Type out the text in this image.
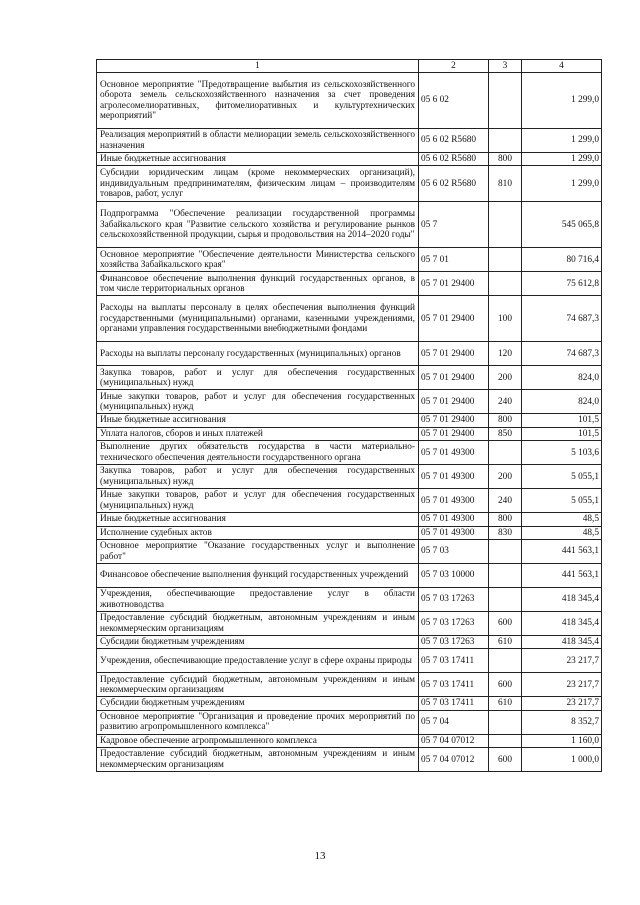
1	2	3	4
Основное мероприятие "Предотвращение выбытия из сельскохозяйственного оборота земель сельскохозяйственного назначения за счет проведения агролесомелиоративных, фитомелиоративных и культуртехнических мероприятий"	05 6 02		1 299,0
Реализация мероприятий в области мелиорации земель сельскохозяйственного назначения	05 6 02 R5680		1 299,0
Иные бюджетные ассигнования	05 6 02 R5680	800	1 299,0
Субсидии юридическим лицам (кроме некоммерческих организаций), индивидуальным предпринимателям, физическим лицам – производителям товаров, работ, услуг	05 6 02 R5680	810	1 299,0
Подпрограмма "Обеспечение реализации государственной программы Забайкальского края "Развитие сельского хозяйства и регулирование рынков сельскохозяйственной продукции, сырья и продовольствия на 2014–2020 годы"	05 7		545 065,8
Основное мероприятие "Обеспечение деятельности Министерства сельского хозяйства Забайкальского края"	05 7 01		80 716,4
Финансовое обеспечение выполнения функций государственных органов, в том числе территориальных органов	05 7 01 29400		75 612,8
Расходы на выплаты персоналу в целях обеспечения выполнения функций государственными (муниципальными) органами, казенными учреждениями, органами управления государственными внебюджетными фондами	05 7 01 29400	100	74 687,3
Расходы на выплаты персоналу государственных (муниципальных) органов	05 7 01 29400	120	74 687,3
Закупка товаров, работ и услуг для обеспечения государственных (муниципальных) нужд	05 7 01 29400	200	824,0
Иные закупки товаров, работ и услуг для обеспечения государственных (муниципальных) нужд	05 7 01 29400	240	824,0
Иные бюджетные ассигнования	05 7 01 29400	800	101,5
Уплата налогов, сборов и иных платежей	05 7 01 29400	850	101,5
Выполнение других обязательств государства в части материально-технического обеспечения деятельности государственного органа	05 7 01 49300		5 103,6
Закупка товаров, работ и услуг для обеспечения государственных (муниципальных) нужд	05 7 01 49300	200	5 055,1
Иные закупки товаров, работ и услуг для обеспечения государственных (муниципальных) нужд	05 7 01 49300	240	5 055,1
Иные бюджетные ассигнования	05 7 01 49300	800	48,5
Исполнение судебных актов	05 7 01 49300	830	48,5
Основное мероприятие "Оказание государственных услуг и выполнение работ"	05 7 03		441 563,1
Финансовое обеспечение выполнения функций государственных учреждений	05 7 03 10000		441 563,1
Учреждения, обеспечивающие предоставление услуг в области животноводства	05 7 03 17263		418 345,4
Предоставление субсидий бюджетным, автономным учреждениям и иным некоммерческим организациям	05 7 03 17263	600	418 345,4
Субсидии бюджетным учреждениям	05 7 03 17263	610	418 345,4
Учреждения, обеспечивающие предоставление услуг в сфере охраны природы	05 7 03 17411		23 217,7
Предоставление субсидий бюджетным, автономным учреждениям и иным некоммерческим организациям	05 7 03 17411	600	23 217,7
Субсидии бюджетным учреждениям	05 7 03 17411	610	23 217,7
Основное мероприятие "Организация и проведение прочих мероприятий по развитию агропромышленного комплекса"	05 7 04		8 352,7
Кадровое обеспечение агропромышленного комплекса	05 7 04 07012		1 160,0
Предоставление субсидий бюджетным, автономным учреждениям и иным некоммерческим организациям	05 7 04 07012	600	1 000,0
13
